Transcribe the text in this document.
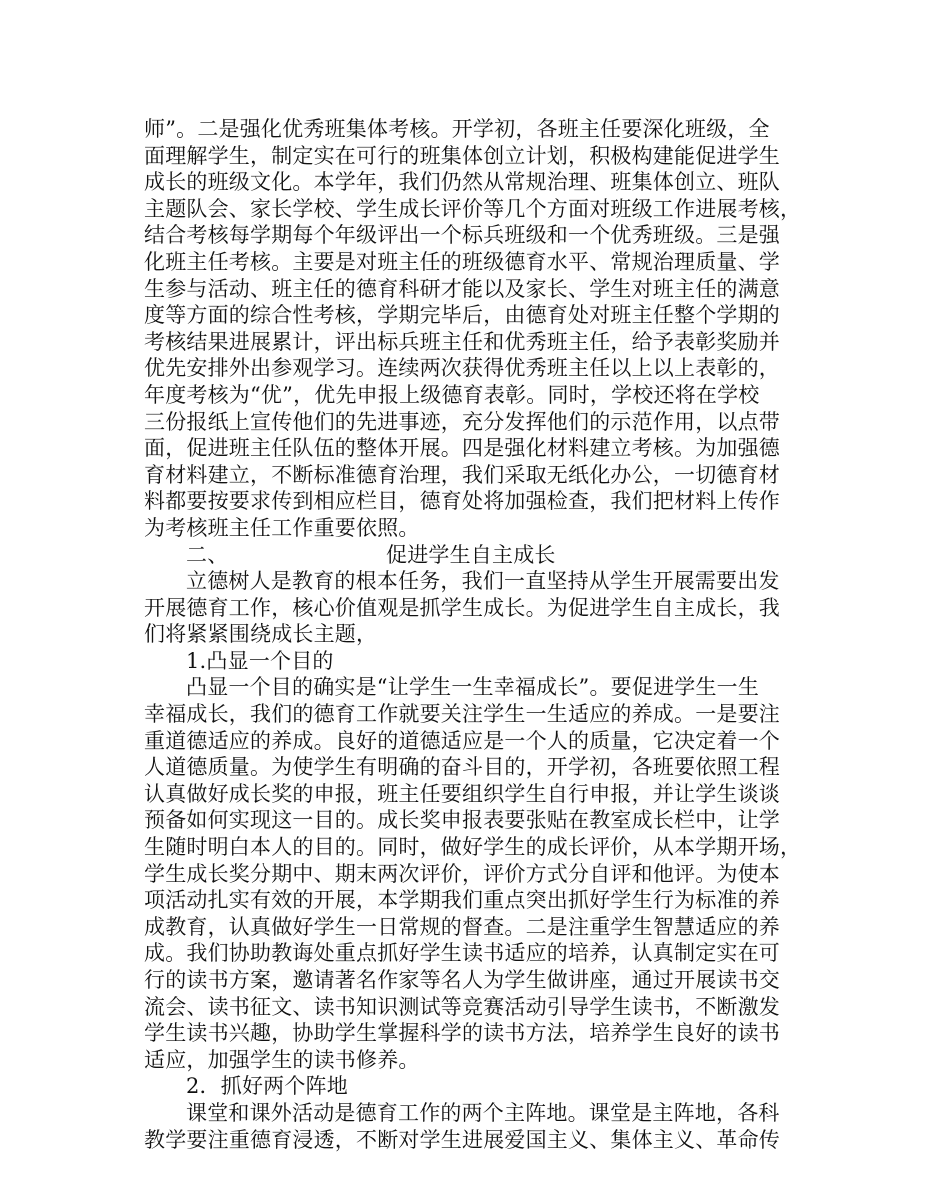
师”。二是强化优秀班集体考核。开学初，各班主任要深化班级，全
面理解学生，制定实在可行的班集体创立计划，积极构建能促进学生
成长的班级文化。本学年，我们仍然从常规治理、班集体创立、班队
主题队会、家长学校、学生成长评价等几个方面对班级工作进展考核，
结合考核每学期每个年级评出一个标兵班级和一个优秀班级。三是强
化班主任考核。主要是对班主任的班级德育水平、常规治理质量、学
生参与活动、班主任的德育科研才能以及家长、学生对班主任的满意
度等方面的综合性考核，学期完毕后，由德育处对班主任整个学期的
考核结果进展累计，评出标兵班主任和优秀班主任，给予表彰奖励并
优先安排外出参观学习。连续两次获得优秀班主任以上以上表彰的，
年度考核为“优”，优先申报上级德育表彰。同时，学校还将在学校
三份报纸上宣传他们的先进事迹，充分发挥他们的示范作用，以点带
面，促进班主任队伍的整体开展。四是强化材料建立考核。为加强德
育材料建立，不断标准德育治理，我们采取无纸化办公，一切德育材
料都要按要求传到相应栏目，德育处将加强检查，我们把材料上传作
为考核班主任工作重要依照。
二、	促进学生自主成长
立德树人是教育的根本任务，我们一直坚持从学生开展需要出发
开展德育工作，核心价值观是抓学生成长。为促进学生自主成长，我
们将紧紧围绕成长主题，
1.凸显一个目的
凸显一个目的确实是“让学生一生幸福成长”。要促进学生一生
幸福成长，我们的德育工作就要关注学生一生适应的养成。一是要注
重道德适应的养成。良好的道德适应是一个人的质量，它决定着一个
人道德质量。为使学生有明确的奋斗目的，开学初，各班要依照工程
认真做好成长奖的申报，班主任要组织学生自行申报，并让学生谈谈
预备如何实现这一目的。成长奖申报表要张贴在教室成长栏中，让学
生随时明白本人的目的。同时，做好学生的成长评价，从本学期开场，
学生成长奖分期中、期末两次评价，评价方式分自评和他评。为使本
项活动扎实有效的开展，本学期我们重点突出抓好学生行为标准的养
成教育，认真做好学生一日常规的督查。二是注重学生智慧适应的养
成。我们协助教诲处重点抓好学生读书适应的培养，认真制定实在可
行的读书方案，邀请著名作家等名人为学生做讲座，通过开展读书交
流会、读书征文、读书知识测试等竞赛活动引导学生读书，不断激发
学生读书兴趣，协助学生掌握科学的读书方法，培养学生良好的读书
适应，加强学生的读书修养。
2．抓好两个阵地
课堂和课外活动是德育工作的两个主阵地。课堂是主阵地，各科
教学要注重德育浸透，不断对学生进展爱国主义、集体主义、革命传
